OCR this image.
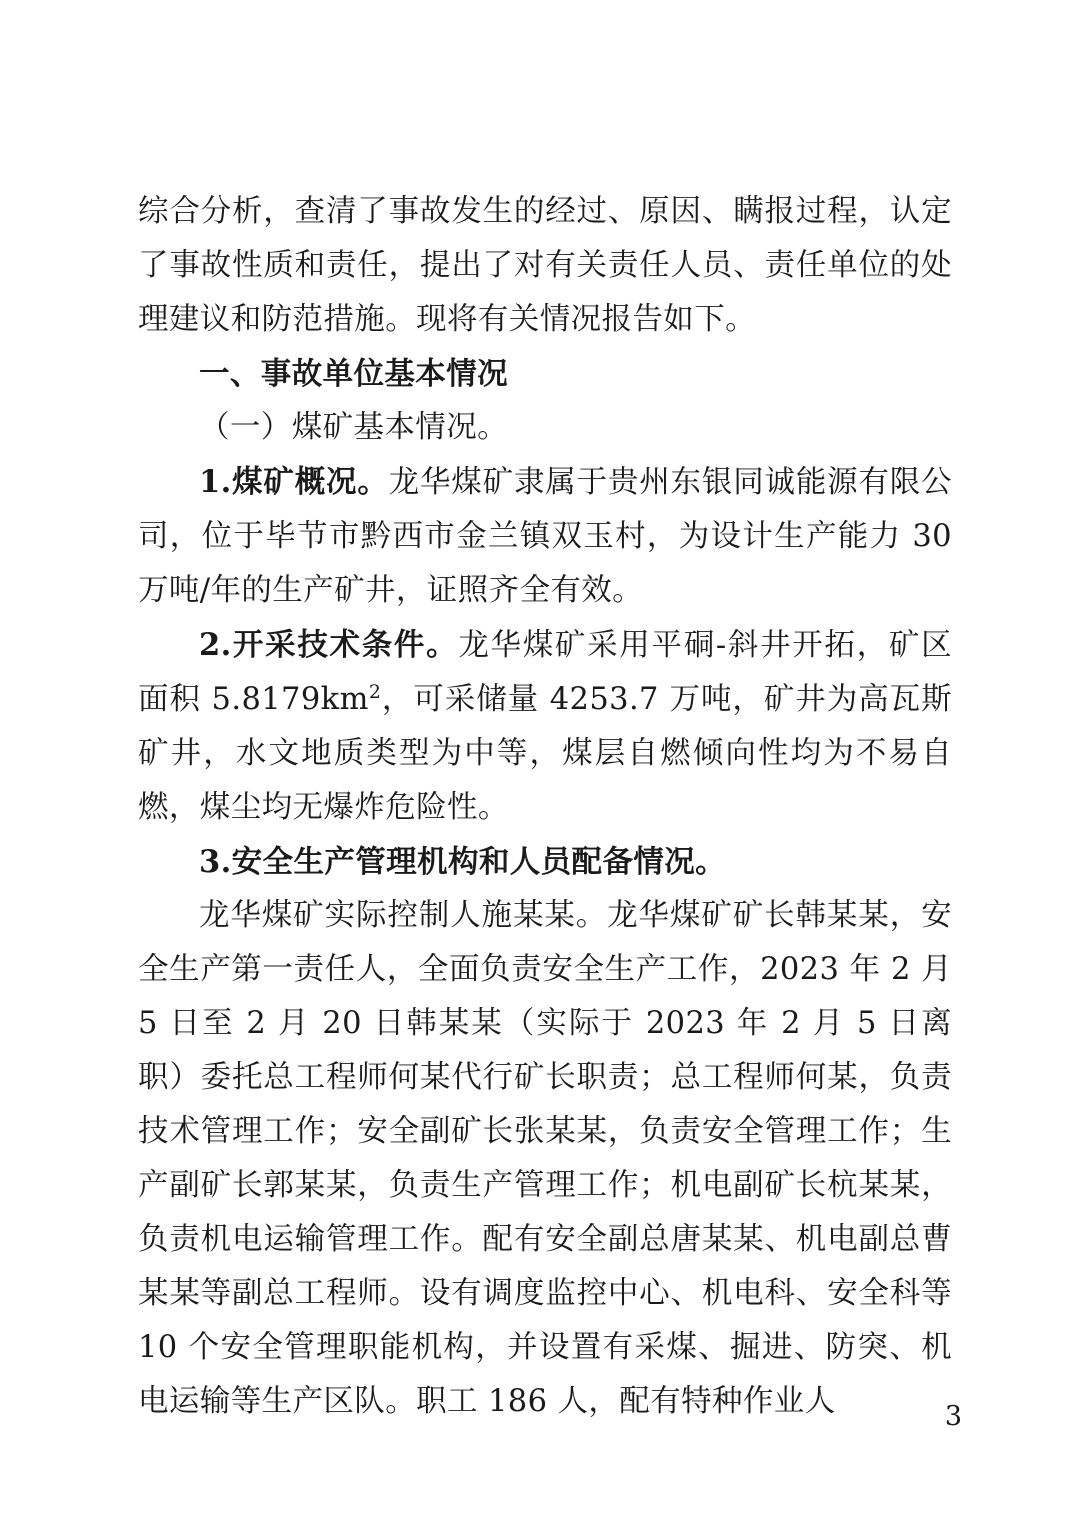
综合分析，查清了事故发生的经过、原因、瞒报过程，认定了事故性质和责任，提出了对有关责任人员、责任单位的处理建议和防范措施。现将有关情况报告如下。

一、事故单位基本情况

（一）煤矿基本情况。

1.煤矿概况。龙华煤矿隶属于贵州东银同诚能源有限公司，位于毕节市黔西市金兰镇双玉村，为设计生产能力 30 万吨/年的生产矿井，证照齐全有效。

2.开采技术条件。龙华煤矿采用平硐-斜井开拓，矿区面积 $5.8179km^2$，可采储量 4253.7 万吨，矿井为高瓦斯矿井，水文地质类型为中等，煤层自燃倾向性均为不易自燃，煤尘均无爆炸危险性。

3.安全生产管理机构和人员配备情况。

龙华煤矿实际控制人施某某。龙华煤矿矿长韩某某，安全生产第一责任人，全面负责安全生产工作，2023 年 2 月 5 日至 2 月 20 日韩某某（实际于 2023 年 2 月 5 日离职）委托总工程师何某代行矿长职责；总工程师何某，负责技术管理工作；安全副矿长张某某，负责安全管理工作；生产副矿长郭某某，负责生产管理工作；机电副矿长杭某某，负责机电运输管理工作。配有安全副总唐某某、机电副总曹某某等副总工程师。设有调度监控中心、机电科、安全科等 10 个安全管理职能机构，并设置有采煤、掘进、防突、机电运输等生产区队。职工 186 人，配有特种作业人	3
